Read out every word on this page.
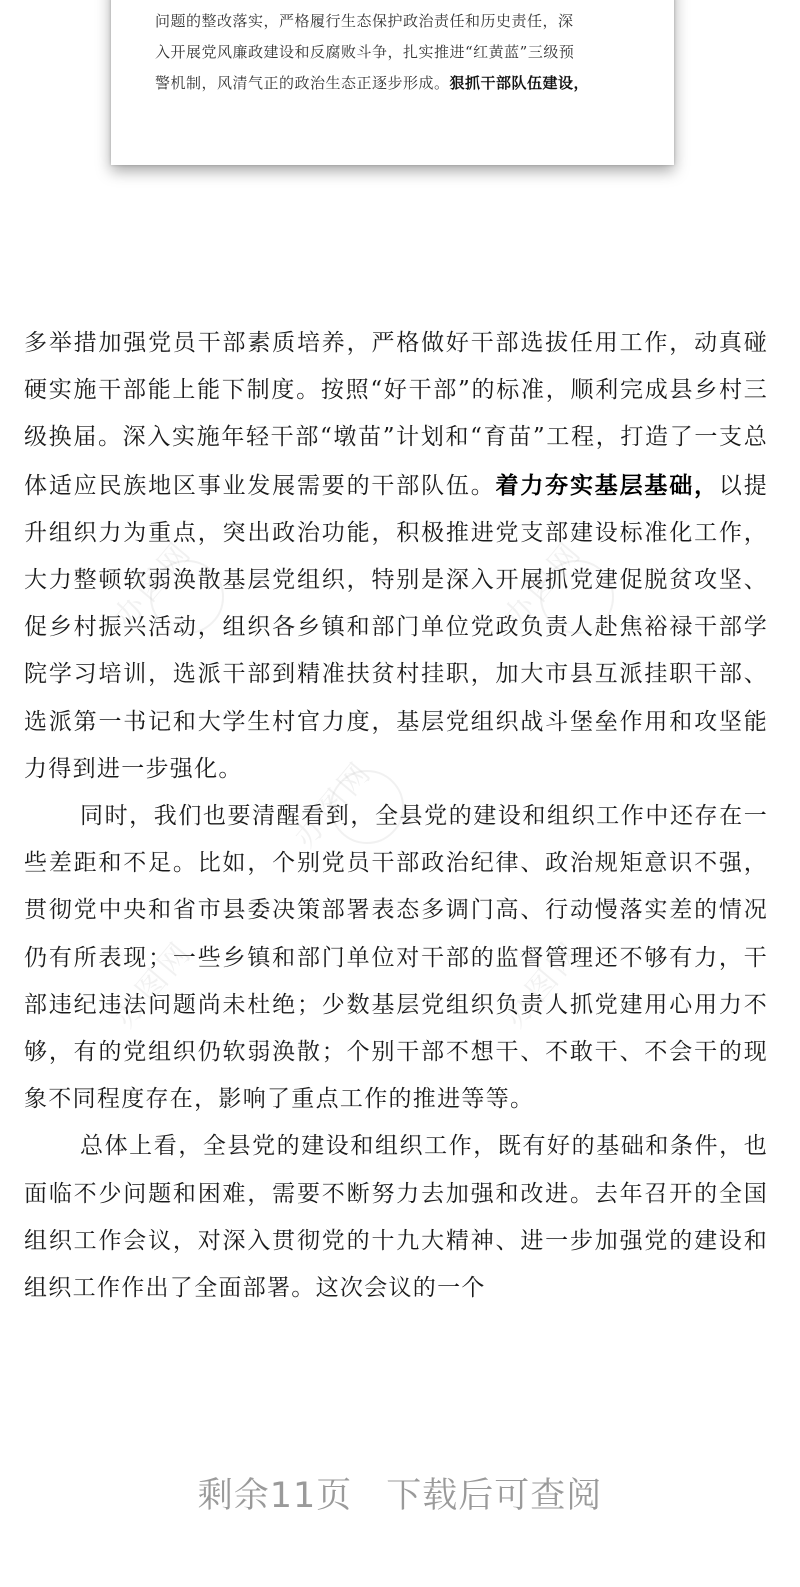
问题的整改落实，严格履行生态保护政治责任和历史责任，深
入开展党风廉政建设和反腐败斗争，扎实推进“红黄蓝”三级预
警机制，风清气正的政治生态正逐步形成。狠抓干部队伍建设，
办图网	办图网
办图网
办图网	办图网

多举措加强党员干部素质培养，严格做好干部选拔任用工作，动真碰硬实施干部能上能下制度。按照“好干部”的标准，顺利完成县乡村三级换届。深入实施年轻干部“墩苗”计划和“育苗”工程，打造了一支总体适应民族地区事业发展需要的干部队伍。着力夯实基层基础，以提升组织力为重点，突出政治功能，积极推进党支部建设标准化工作，大力整顿软弱涣散基层党组织，特别是深入开展抓党建促脱贫攻坚、促乡村振兴活动，组织各乡镇和部门单位党政负责人赴焦裕禄干部学院学习培训，选派干部到精准扶贫村挂职，加大市县互派挂职干部、选派第一书记和大学生村官力度，基层党组织战斗堡垒作用和攻坚能力得到进一步强化。

同时，我们也要清醒看到，全县党的建设和组织工作中还存在一些差距和不足。比如，个别党员干部政治纪律、政治规矩意识不强，贯彻党中央和省市县委决策部署表态多调门高、行动慢落实差的情况仍有所表现；一些乡镇和部门单位对干部的监督管理还不够有力，干部违纪违法问题尚未杜绝；少数基层党组织负责人抓党建用心用力不够，有的党组织仍软弱涣散；个别干部不想干、不敢干、不会干的现象不同程度存在，影响了重点工作的推进等等。

总体上看，全县党的建设和组织工作，既有好的基础和条件，也面临不少问题和困难，需要不断努力去加强和改进。去年召开的全国组织工作会议，对深入贯彻党的十九大精神、进一步加强党的建设和组织工作作出了全面部署。这次会议的一个

剩余11页 下载后可查阅
